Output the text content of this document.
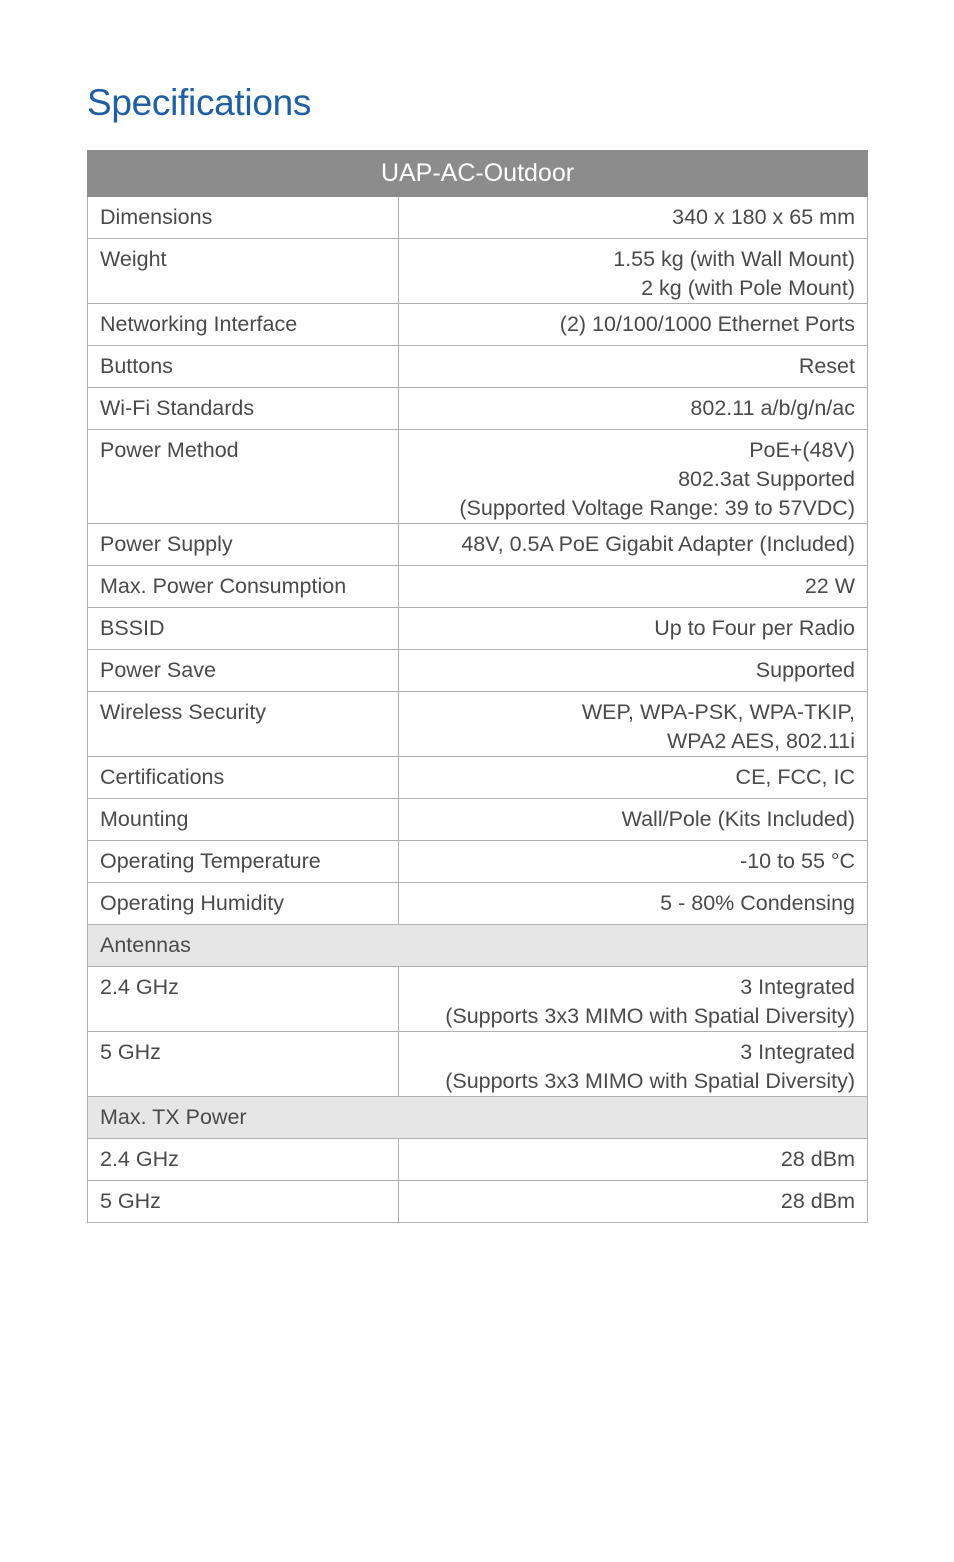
Specifications
UAP-AC-Outdoor	
Dimensions	340 x 180 x 65 mm

Weight	1.55 kg (with Wall Mount)
2 kg (with Pole Mount)

Networking Interface	(2) 10/100/1000 Ethernet Ports

Buttons	Reset

Wi-Fi Standards	802.11 a/b/g/n/ac

Power Method	PoE+(48V)
802.3at Supported
(Supported Voltage Range: 39 to 57VDC)

Power Supply	48V, 0.5A PoE Gigabit Adapter (Included)

Max. Power Consumption	22 W

BSSID	Up to Four per Radio

Power Save	Supported

Wireless Security	WEP, WPA-PSK, WPA-TKIP,
WPA2 AES, 802.11i

Certifications	CE, FCC, IC

Mounting	Wall/Pole (Kits Included)

Operating Temperature	-10 to 55 °C

Operating Humidity	5 - 80% Condensing

Antennas	
2.4 GHz	3 Integrated
(Supports 3x3 MIMO with Spatial Diversity)

5 GHz	3 Integrated
(Supports 3x3 MIMO with Spatial Diversity)

Max. TX Power	
2.4 GHz	28 dBm

5 GHz	28 dBm
